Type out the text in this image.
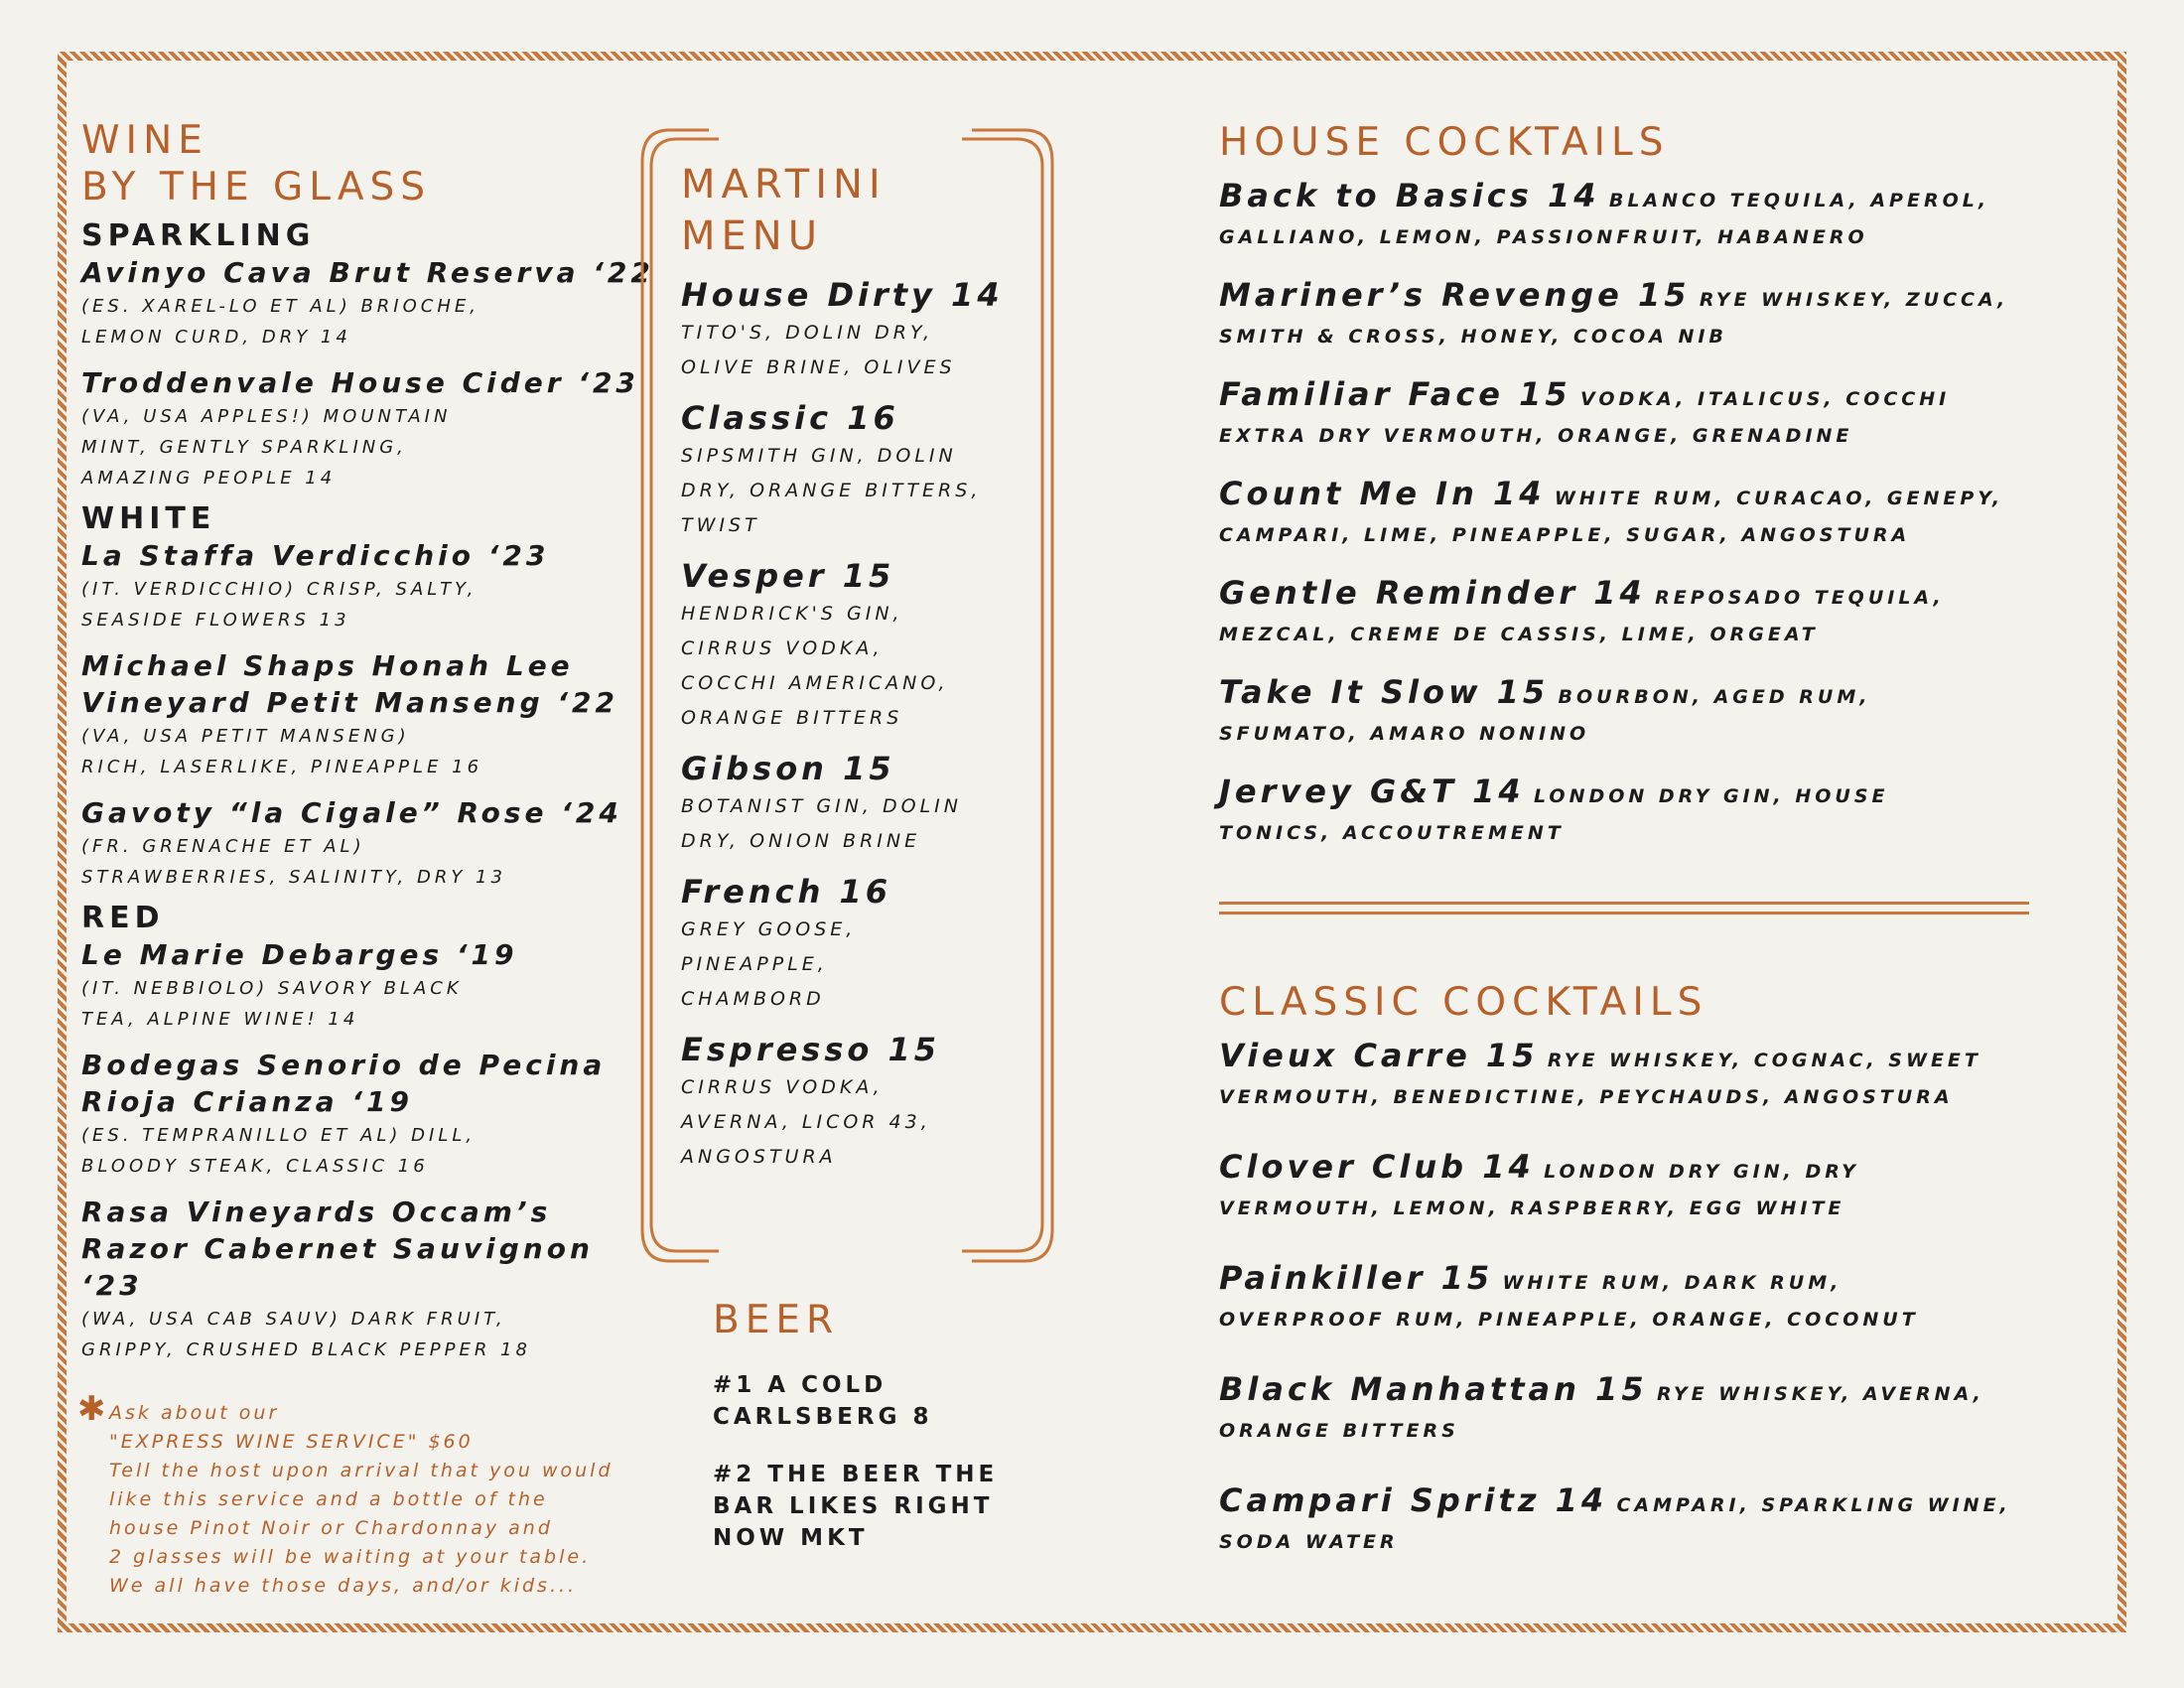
WINE
BY THE GLASS
SPARKLING
Avinyo Cava Brut Reserva ‘22
(ES. XAREL-LO ET AL) BRIOCHE,
LEMON CURD, DRY 14
Troddenvale House Cider ‘23
(VA, USA APPLES!) MOUNTAIN
MINT, GENTLY SPARKLING,
AMAZING PEOPLE 14
WHITE
La Staffa Verdicchio ‘23
(IT. VERDICCHIO) CRISP, SALTY,
SEASIDE FLOWERS 13
Michael Shaps Honah Lee
Vineyard Petit Manseng ‘22
(VA, USA PETIT MANSENG)
RICH, LASERLIKE, PINEAPPLE 16
Gavoty “la Cigale” Rose ‘24
(FR. GRENACHE ET AL)
STRAWBERRIES, SALINITY, DRY 13
RED
Le Marie Debarges ‘19
(IT. NEBBIOLO) SAVORY BLACK
TEA, ALPINE WINE! 14
Bodegas Senorio de Pecina
Rioja Crianza ‘19
(ES. TEMPRANILLO ET AL) DILL,
BLOODY STEAK, CLASSIC 16
Rasa Vineyards Occam’s
Razor Cabernet Sauvignon ‘23
(WA, USA CAB SAUV) DARK FRUIT,
GRIPPY, CRUSHED BLACK PEPPER 18
✱ Ask about our
"EXPRESS WINE SERVICE" $60
Tell the host upon arrival that you would
like this service and a bottle of the
house Pinot Noir or Chardonnay and
2 glasses will be waiting at your table.
We all have those days, and/or kids...
MARTINI
MENU
House Dirty 14
TITO'S, DOLIN DRY,
OLIVE BRINE, OLIVES
Classic 16
SIPSMITH GIN, DOLIN
DRY, ORANGE BITTERS,
TWIST
Vesper 15
HENDRICK'S GIN,
CIRRUS VODKA,
COCCHI AMERICANO,
ORANGE BITTERS
Gibson 15
BOTANIST GIN, DOLIN
DRY, ONION BRINE
French 16
GREY GOOSE,
PINEAPPLE,
CHAMBORD
Espresso 15
CIRRUS VODKA,
AVERNA, LICOR 43,
ANGOSTURA
BEER
#1 A COLD
CARLSBERG 8
#2 THE BEER THE
BAR LIKES RIGHT
NOW MKT
HOUSE COCKTAILS
Back to Basics 14 BLANCO TEQUILA, APEROL,
GALLIANO, LEMON, PASSIONFRUIT, HABANERO
Mariner’s Revenge 15 RYE WHISKEY, ZUCCA,
SMITH & CROSS, HONEY, COCOA NIB
Familiar Face 15 VODKA, ITALICUS, COCCHI
EXTRA DRY VERMOUTH, ORANGE, GRENADINE
Count Me In 14 WHITE RUM, CURACAO, GENEPY,
CAMPARI, LIME, PINEAPPLE, SUGAR, ANGOSTURA
Gentle Reminder 14 REPOSADO TEQUILA,
MEZCAL, CREME DE CASSIS, LIME, ORGEAT
Take It Slow 15 BOURBON, AGED RUM,
SFUMATO, AMARO NONINO
Jervey G&T 14 LONDON DRY GIN, HOUSE
TONICS, ACCOUTREMENT
CLASSIC COCKTAILS
Vieux Carre 15 RYE WHISKEY, COGNAC, SWEET
VERMOUTH, BENEDICTINE, PEYCHAUDS, ANGOSTURA
Clover Club 14 LONDON DRY GIN, DRY
VERMOUTH, LEMON, RASPBERRY, EGG WHITE
Painkiller 15 WHITE RUM, DARK RUM,
OVERPROOF RUM, PINEAPPLE, ORANGE, COCONUT
Black Manhattan 15 RYE WHISKEY, AVERNA,
ORANGE BITTERS
Campari Spritz 14 CAMPARI, SPARKLING WINE,
SODA WATER
